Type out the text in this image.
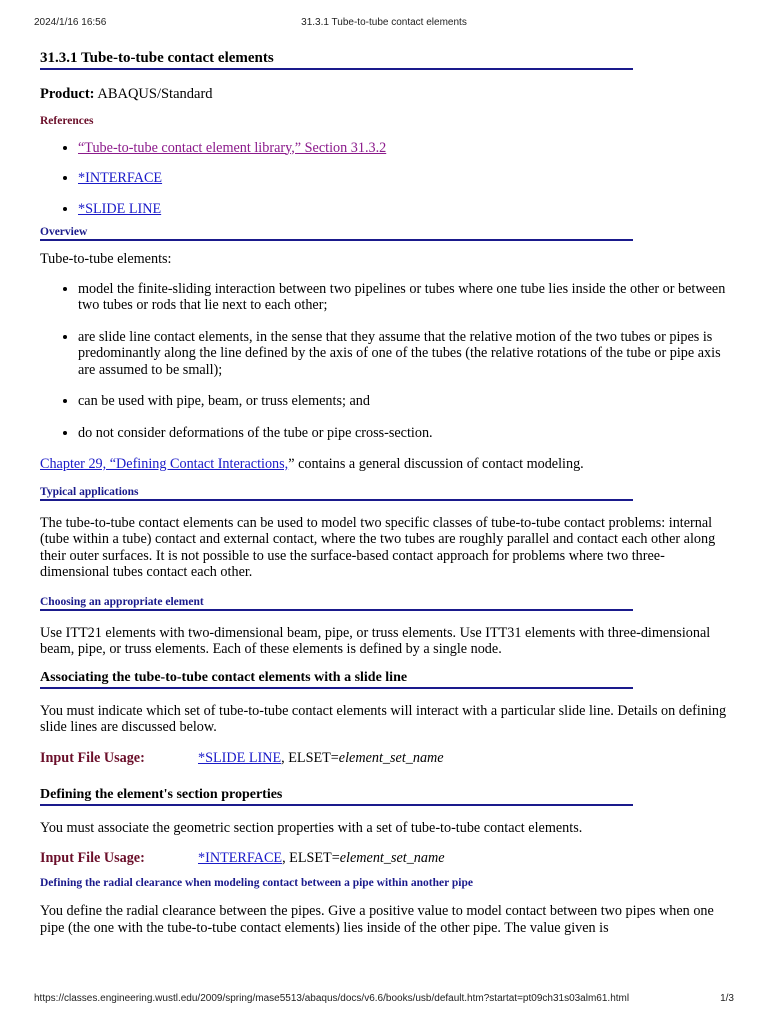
2024/1/16 16:56	31.3.1 Tube-to-tube contact elements
31.3.1 Tube-to-tube contact elements

Product: ABAQUS/Standard

References
• “Tube-to-tube contact element library,” Section 31.3.2
• *INTERFACE
• *SLIDE LINE
Overview

Tube-to-tube elements:

• model the finite-sliding interaction between two pipelines or tubes where one tube lies inside the other or between two tubes or rods that lie next to each other;
• are slide line contact elements, in the sense that they assume that the relative motion of the two tubes or pipes is predominantly along the line defined by the axis of one of the tubes (the relative rotations of the tube or pipe axis are assumed to be small);
• can be used with pipe, beam, or truss elements; and
• do not consider deformations of the tube or pipe cross-section.

Chapter 29, “Defining Contact Interactions,” contains a general discussion of contact modeling.

Typical applications

The tube-to-tube contact elements can be used to model two specific classes of tube-to-tube contact problems: internal (tube within a tube) contact and external contact, where the two tubes are roughly parallel and contact each other along their outer surfaces. It is not possible to use the surface-based contact approach for problems where two three-dimensional tubes contact each other.

Choosing an appropriate element

Use ITT21 elements with two-dimensional beam, pipe, or truss elements. Use ITT31 elements with three-dimensional beam, pipe, or truss elements. Each of these elements is defined by a single node.

Associating the tube-to-tube contact elements with a slide line

You must indicate which set of tube-to-tube contact elements will interact with a particular slide line. Details on defining slide lines are discussed below.

Input File Usage:	*SLIDE LINE, ELSET=element_set_name
Defining the element's section properties

You must associate the geometric section properties with a set of tube-to-tube contact elements.

Input File Usage:	*INTERFACE, ELSET=element_set_name
Defining the radial clearance when modeling contact between a pipe within another pipe

You define the radial clearance between the pipes. Give a positive value to model contact between two pipes when one pipe (the one with the tube-to-tube contact elements) lies inside of the other pipe. The value given is

https://classes.engineering.wustl.edu/2009/spring/mase5513/abaqus/docs/v6.6/books/usb/default.htm?startat=pt09ch31s03alm61.html	1/3
